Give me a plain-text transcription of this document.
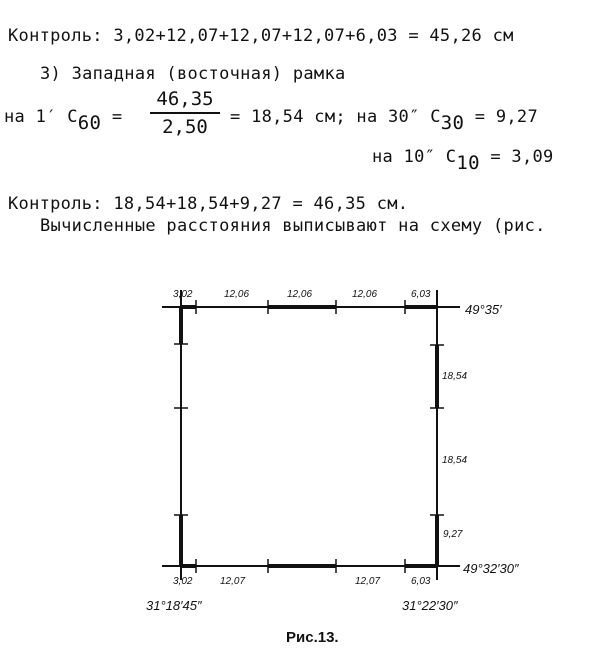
Контроль: 3,02+12,07+12,07+12,07+6,03 = 45,26 см
3) Западная (восточная) рамка
на 1′ C60 =
46,35
2,50	= 18,54 см; на 30″ C30 = 9,27
на 10″ C10 = 3,09
Контроль: 18,54+18,54+9,27 = 46,35 см.
Вычисленные расстояния выписывают на схему (рис.
3,02	12,06	12,06	12,06	6,03
3,02	12,07	12,07	6,03
18,54
18,54
9,27
49°35′
49°32′30″
31°18′45″	31°22′30″
Рис.13.
